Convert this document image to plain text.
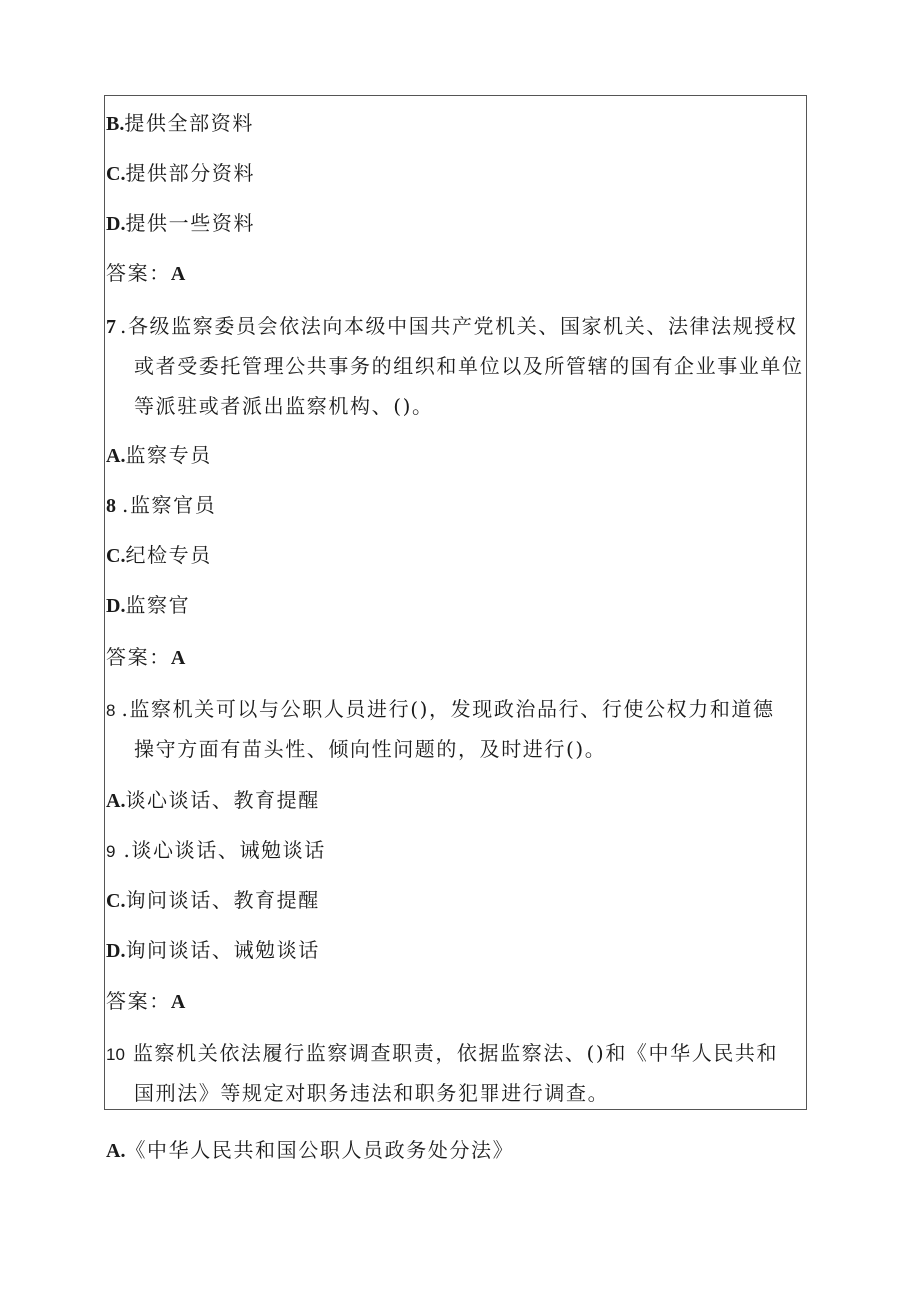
B.提供全部资料
C.提供部分资料
D.提供一些资料
答案：A
7 .各级监察委员会依法向本级中国共产党机关、国家机关、法律法规授权
或者受委托管理公共事务的组织和单位以及所管辖的国有企业事业单位
等派驻或者派出监察机构、()。
A.监察专员
8 .监察官员
C.纪检专员
D.监察官
答案：A
8 .监察机关可以与公职人员进行()，发现政治品行、行使公权力和道德
操守方面有苗头性、倾向性问题的，及时进行()。
A.谈心谈话、教育提醒
9 .谈心谈话、诫勉谈话
C.询问谈话、教育提醒
D.询问谈话、诫勉谈话
答案：A
10 监察机关依法履行监察调查职责，依据监察法、()和《中华人民共和
国刑法》等规定对职务违法和职务犯罪进行调查。
A.《中华人民共和国公职人员政务处分法》
